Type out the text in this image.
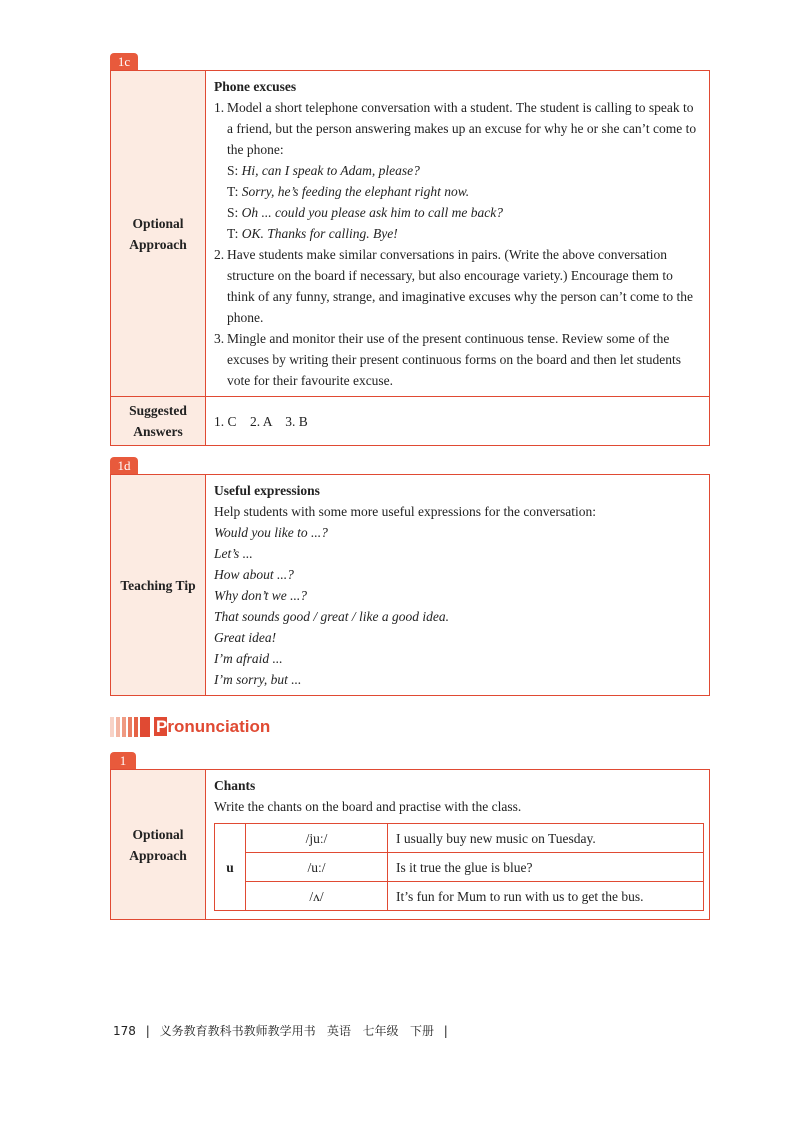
1c
Optional Approach
Phone excuses
1. Model a short telephone conversation with a student. The student is calling to speak to a friend, but the person answering makes up an excuse for why he or she can’t come to the phone:
S: Hi, can I speak to Adam, please?
T: Sorry, he’s feeding the elephant right now.
S: Oh ... could you please ask him to call me back?
T: OK. Thanks for calling. Bye!
2. Have students make similar conversations in pairs. (Write the above conversation structure on the board if necessary, but also encourage variety.) Encourage them to think of any funny, strange, and imaginative excuses why the person can’t come to the phone.
3. Mingle and monitor their use of the present continuous tense. Review some of the excuses by writing their present continuous forms on the board and then let students vote for their favourite excuse.
Suggested Answers
1. C    2. A    3. B
1d
Teaching Tip
Useful expressions
Help students with some more useful expressions for the conversation:
Would you like to ...?
Let’s ...
How about ...?
Why don’t we ...?
That sounds good / great / like a good idea.
Great idea!
I’m afraid ...
I’m sorry, but ...
Pronunciation
1
Optional Approach
Chants
Write the chants on the board and practise with the class.
u	/juː/	I usually buy new music on Tuesday.
	/uː/	Is it true the glue is blue?
	/ʌ/	It’s fun for Mum to run with us to get the bus.
178 | 义务教育教科书教师教学用书   英语   七年级   下册 |
